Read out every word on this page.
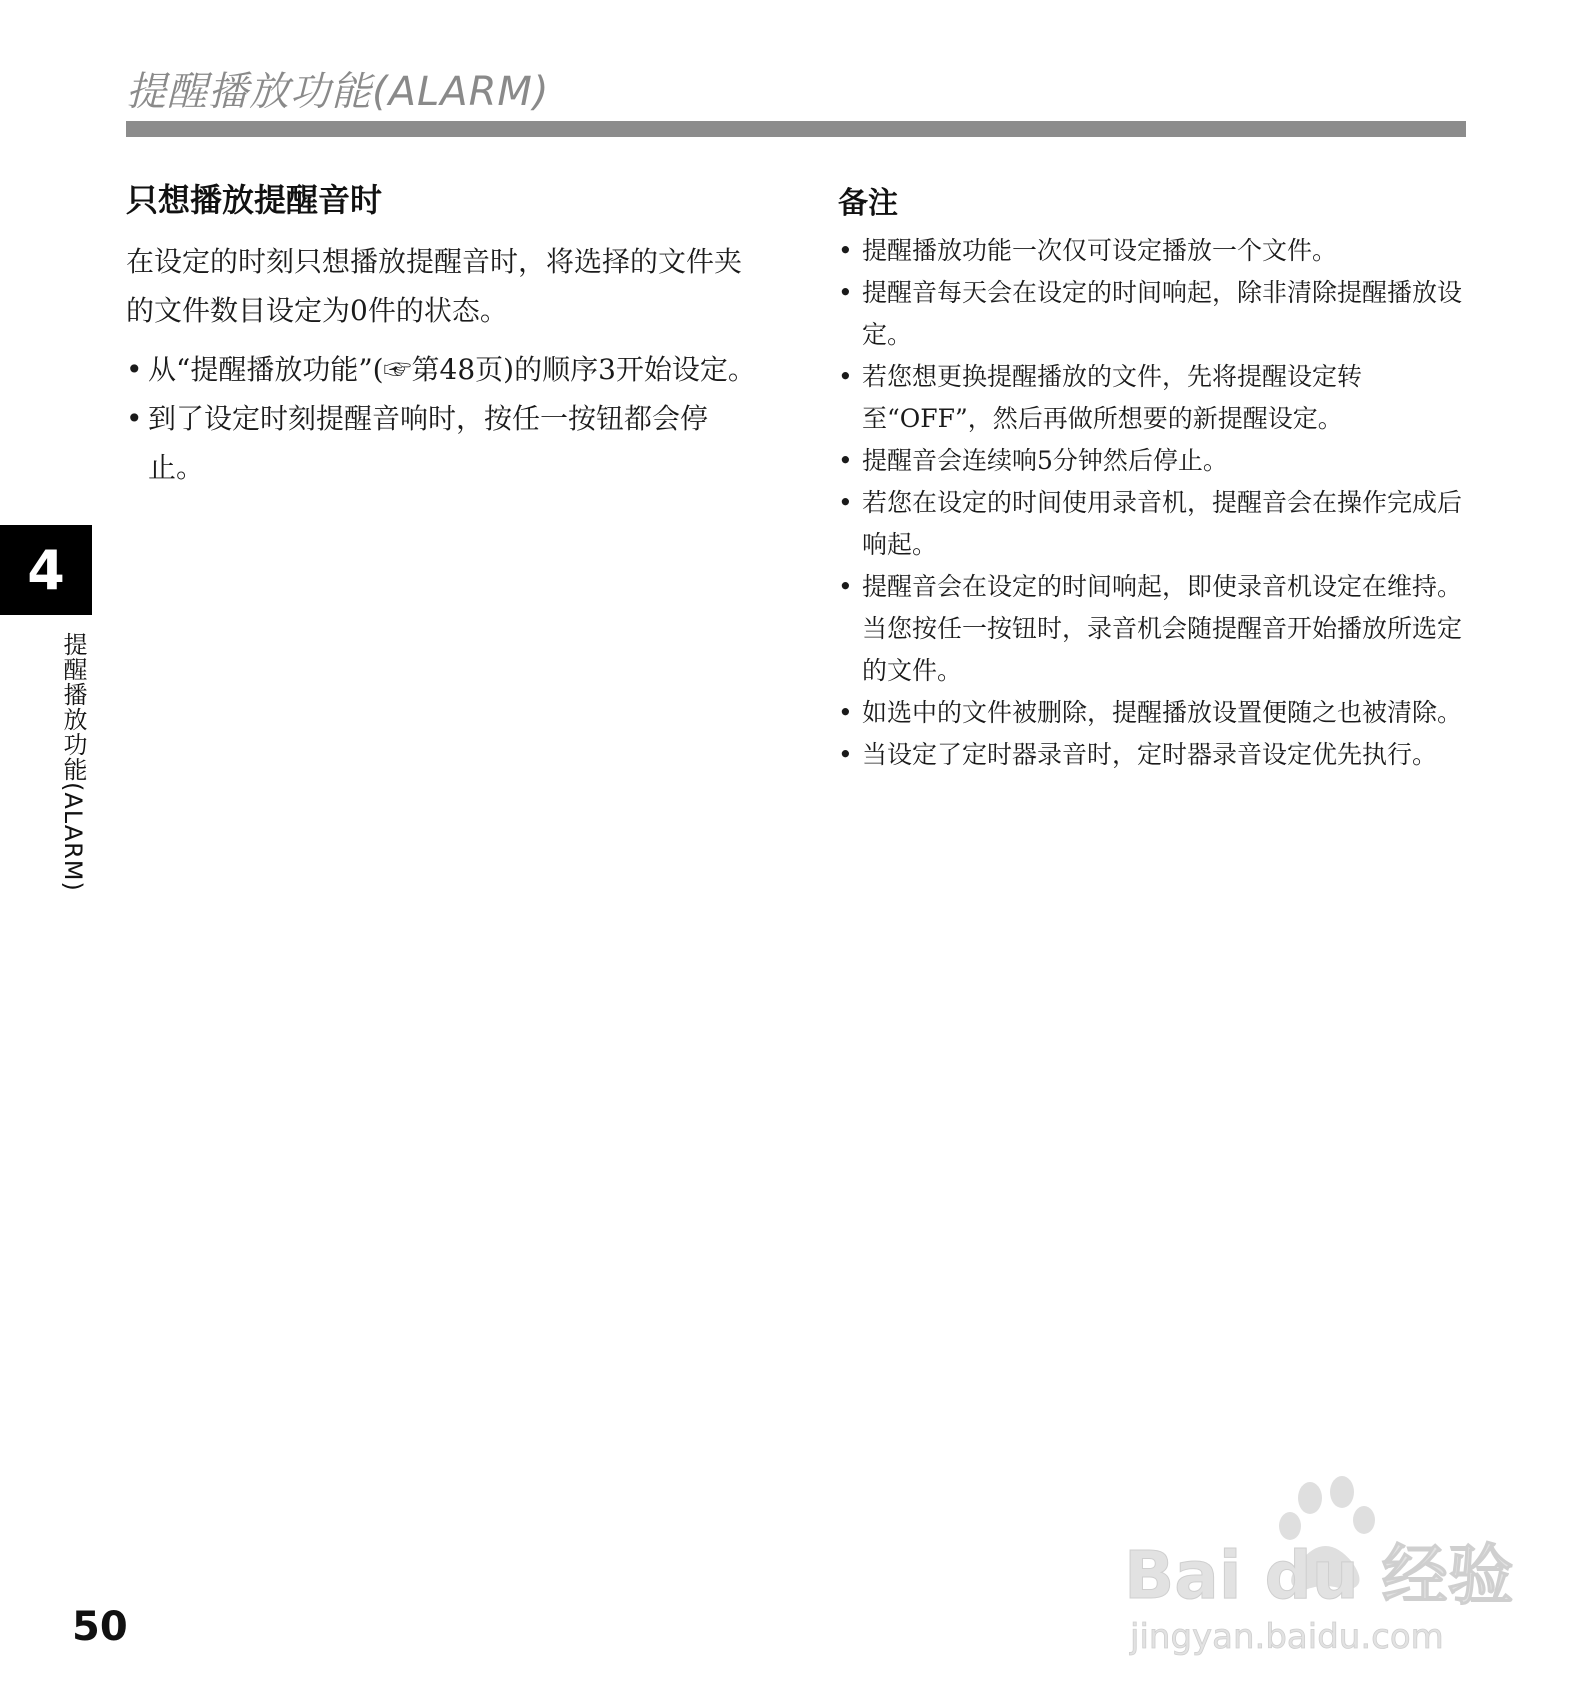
提醒播放功能(ALARM)
只想播放提醒音时

在设定的时刻只想播放提醒音时，将选择的文件夹的文件数目设定为0件的状态。

• 从“提醒播放功能”(☞第48页)的顺序3开始设定。
• 到了设定时刻提醒音响时，按任一按钮都会停止。
备注
• 提醒播放功能一次仅可设定播放一个文件。
• 提醒音每天会在设定的时间响起，除非清除提醒播放设定。
• 若您想更换提醒播放的文件，先将提醒设定转至“OFF”，然后再做所想要的新提醒设定。
• 提醒音会连续响5分钟然后停止。
• 若您在设定的时间使用录音机，提醒音会在操作完成后响起。
• 提醒音会在设定的时间响起，即使录音机设定在维持。当您按任一按钮时，录音机会随提醒音开始播放所选定的文件。
• 如选中的文件被删除，提醒播放设置便随之也被清除。
• 当设定了定时器录音时，定时器录音设定优先执行。
4
提醒播放功能(ALARM)
50
Bai du 经验
jingyan.baidu.com
